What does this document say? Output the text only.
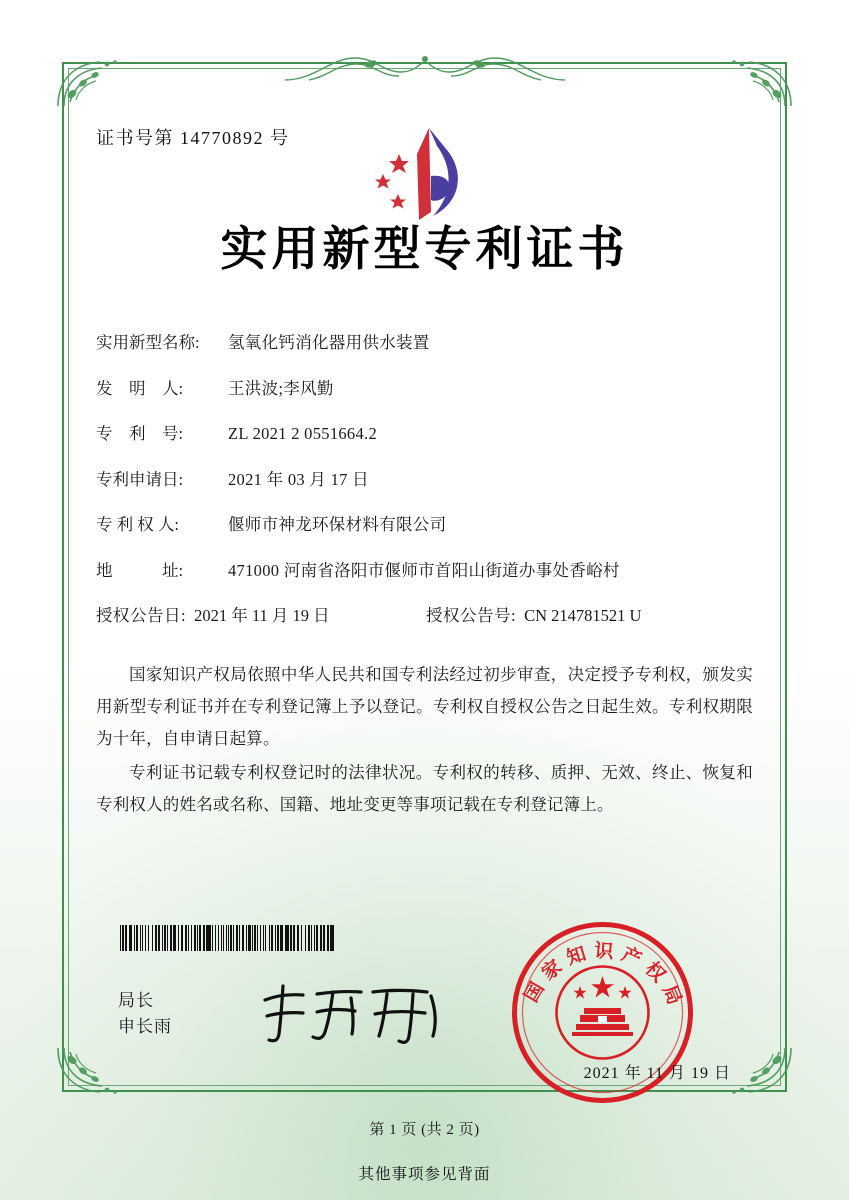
证书号第 14770892 号
实用新型专利证书
实用新型名称:	氢氧化钙消化器用供水装置
发　明　人:	王洪波;李风勤
专　利　号:	ZL 2021 2 0551664.2
专利申请日:	2021 年 03 月 17 日
专 利 权 人:	偃师市神龙环保材料有限公司
地　　　址:	471000 河南省洛阳市偃师市首阳山街道办事处香峪村
授权公告日: 2021 年 11 月 19 日	授权公告号: CN 214781521 U

国家知识产权局依照中华人民共和国专利法经过初步审查，决定授予专利权，颁发实用新型专利证书并在专利登记簿上予以登记。专利权自授权公告之日起生效。专利权期限为十年，自申请日起算。

专利证书记载专利权登记时的法律状况。专利权的转移、质押、无效、终止、恢复和专利权人的姓名或名称、国籍、地址变更等事项记载在专利登记簿上。

局长
申长雨
国家知识产权局
2021 年 11 月 19 日
第 1 页 (共 2 页)
其他事项参见背面
